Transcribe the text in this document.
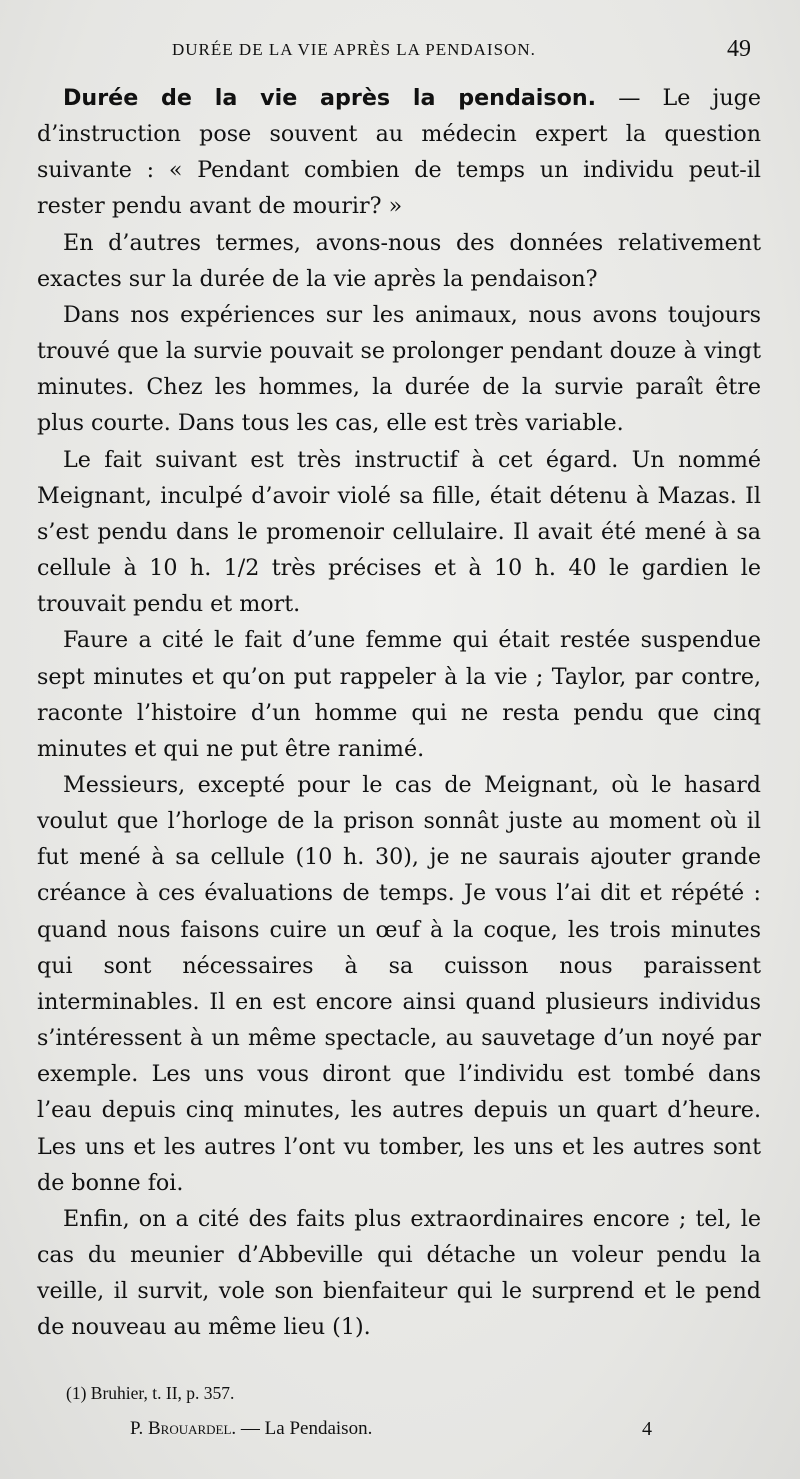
DURÉE DE LA VIE APRÈS LA PENDAISON.	49

Durée de la vie après la pendaison. — Le juge d’instruction pose souvent au médecin expert la question suivante : « Pendant combien de temps un individu peut-il rester pendu avant de mourir? »

En d’autres termes, avons-nous des données relativement exactes sur la durée de la vie après la pendaison?

Dans nos expériences sur les animaux, nous avons toujours trouvé que la survie pouvait se prolonger pendant douze à vingt minutes. Chez les hommes, la durée de la survie paraît être plus courte. Dans tous les cas, elle est très variable.

Le fait suivant est très instructif à cet égard. Un nommé Meignant, inculpé d’avoir violé sa fille, était détenu à Mazas. Il s’est pendu dans le promenoir cellulaire. Il avait été mené à sa cellule à 10 h. 1/2 très précises et à 10 h. 40 le gardien le trouvait pendu et mort.

Faure a cité le fait d’une femme qui était restée suspendue sept minutes et qu’on put rappeler à la vie ; Taylor, par contre, raconte l’histoire d’un homme qui ne resta pendu que cinq minutes et qui ne put être ranimé.

Messieurs, excepté pour le cas de Meignant, où le hasard voulut que l’horloge de la prison sonnât juste au moment où il fut mené à sa cellule (10 h. 30), je ne saurais ajouter grande créance à ces évaluations de temps. Je vous l’ai dit et répété : quand nous faisons cuire un œuf à la coque, les trois minutes qui sont nécessaires à sa cuisson nous paraissent interminables. Il en est encore ainsi quand plusieurs individus s’intéressent à un même spectacle, au sauvetage d’un noyé par exemple. Les uns vous diront que l’individu est tombé dans l’eau depuis cinq minutes, les autres depuis un quart d’heure. Les uns et les autres l’ont vu tomber, les uns et les autres sont de bonne foi.

Enfin, on a cité des faits plus extraordinaires encore ; tel, le cas du meunier d’Abbeville qui détache un voleur pendu la veille, il survit, vole son bienfaiteur qui le surprend et le pend de nouveau au même lieu (1).

(1) Bruhier, t. II, p. 357.
P. Brouardel. — La Pendaison.	4
